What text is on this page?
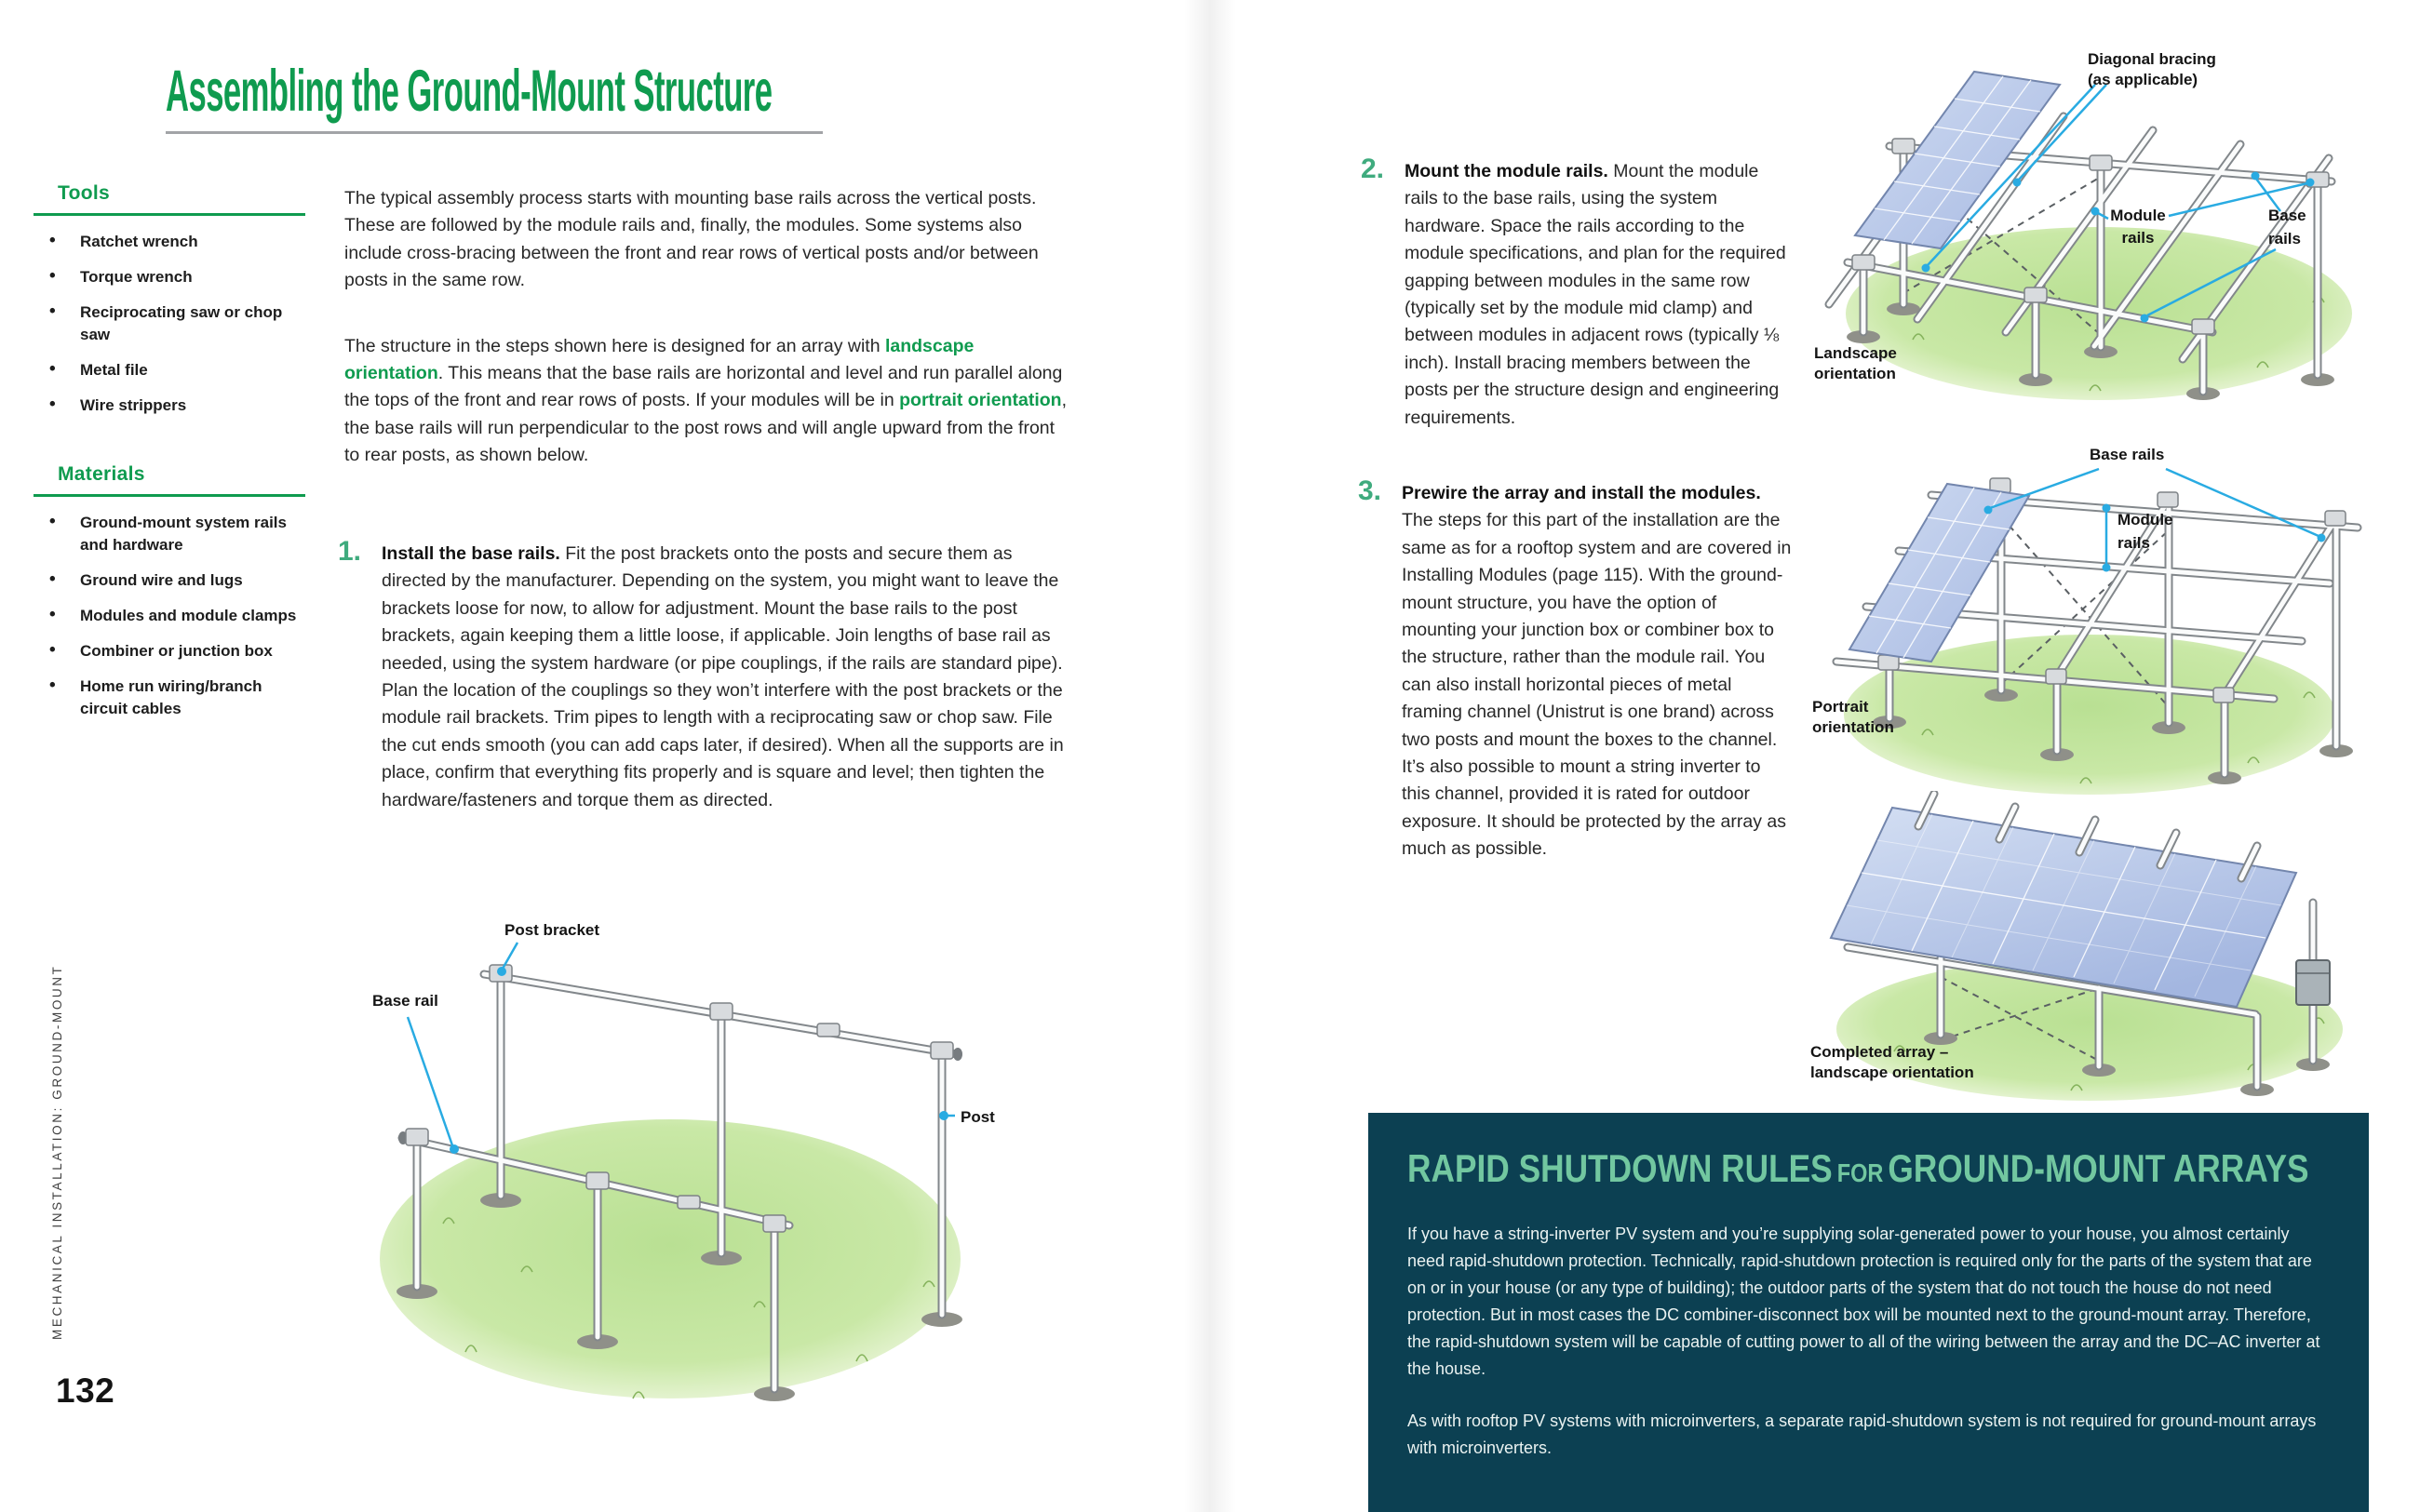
Assembling the Ground-Mount Structure
Tools
• Ratchet wrench
• Torque wrench
• Reciprocating saw or chop saw
• Metal file
• Wire strippers
Materials
• Ground-mount system rails and hardware
• Ground wire and lugs
• Modules and module clamps
• Combiner or junction box
• Home run wiring/branch circuit cables

The typical assembly process starts with mounting base rails across the vertical posts. These are followed by the module rails and, finally, the modules. Some systems also include cross-bracing between the front and rear rows of vertical posts and/or between posts in the same row.

The structure in the steps shown here is designed for an array with landscape orientation. This means that the base rails are horizontal and level and run parallel along the tops of the front and rear rows of posts. If your modules will be in portrait orientation, the base rails will run perpendicular to the post rows and will angle upward from the front to rear posts, as shown below.

1. Install the base rails. Fit the post brackets onto the posts and secure them as directed by the manufacturer. Depending on the system, you might want to leave the brackets loose for now, to allow for adjustment. Mount the base rails to the post brackets, again keeping them a little loose, if applicable. Join lengths of base rail as needed, using the system hardware (or pipe couplings, if the rails are standard pipe). Plan the location of the couplings so they won’t interfere with the post brackets or the module rail brackets. Trim pipes to length with a reciprocating saw or chop saw. File the cut ends smooth (you can add caps later, if desired). When all the supports are in place, confirm that everything fits properly and is square and level; then tighten the hardware/fasteners and torque them as directed.

Post bracket
Base rail
Post
MECHANICAL INSTALLATION: GROUND-MOUNT
132
2. Mount the module rails. Mount the module rails to the base rails, using the system hardware. Space the rails according to the module specifications, and plan for the required gapping between modules in the same row (typically set by the module mid clamp) and between modules in adjacent rows (typically ⅛ inch). Install bracing members between the posts per the structure design and engineering requirements.

3. Prewire the array and install the modules. The steps for this part of the installation are the same as for a rooftop system and are covered in Installing Modules (page 115). With the ground-mount structure, you have the option of mounting your junction box or combiner box to the structure, rather than the module rail. You can also install horizontal pieces of metal framing channel (Unistrut is one brand) across two posts and mount the boxes to the channel. It’s also possible to mount a string inverter to this channel, provided it is rated for outdoor exposure. It should be protected by the array as much as possible.

Diagonal bracing
(as applicable)
Module
rails
Base
rails
Landscape
orientation
Base rails
Module
rails
Portrait
orientation
Completed array –
landscape orientation
RAPID SHUTDOWN RULES FOR GROUND-MOUNT ARRAYS

If you have a string-inverter PV system and you’re supplying solar-generated power to your house, you almost certainly need rapid-shutdown protection. Technically, rapid-shutdown protection is required only for the parts of the system that are on or in your house (or any type of building); the outdoor parts of the system that do not touch the house do not need protection. But in most cases the DC combiner-disconnect box will be mounted next to the ground-mount array. Therefore, the rapid-shutdown system will be capable of cutting power to all of the wiring between the array and the DC–AC inverter at the house.

As with rooftop PV systems with microinverters, a separate rapid-shutdown system is not required for ground-mount arrays with microinverters.
